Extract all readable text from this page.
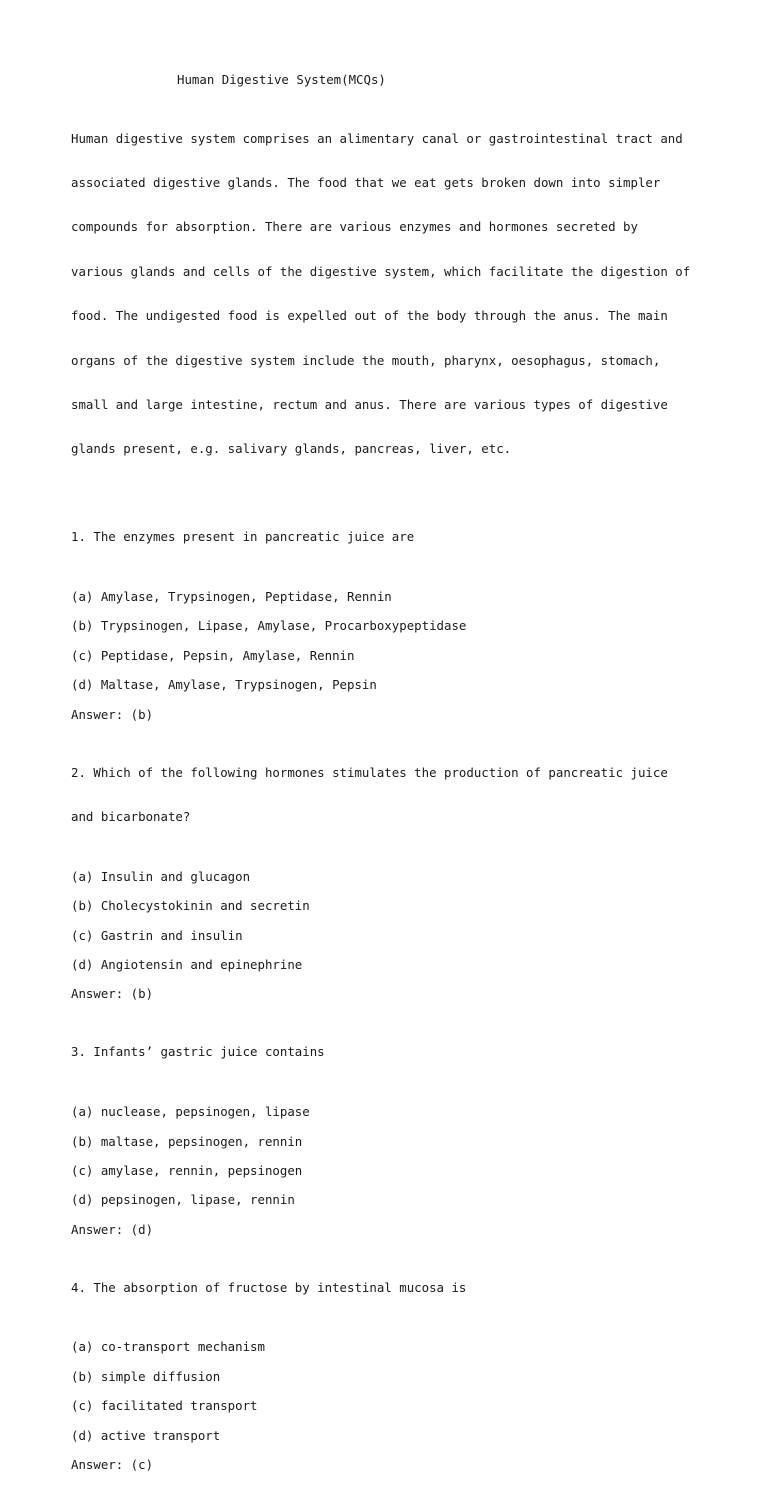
Human Digestive System(MCQs)

Human digestive system comprises an alimentary canal or gastrointestinal tract and

associated digestive glands. The food that we eat gets broken down into simpler

compounds for absorption. There are various enzymes and hormones secreted by

various glands and cells of the digestive system, which facilitate the digestion of

food. The undigested food is expelled out of the body through the anus. The main

organs of the digestive system include the mouth, pharynx, oesophagus, stomach,

small and large intestine, rectum and anus. There are various types of digestive

glands present, e.g. salivary glands, pancreas, liver, etc.

1. The enzymes present in pancreatic juice are

(a) Amylase, Trypsinogen, Peptidase, Rennin
(b) Trypsinogen, Lipase, Amylase, Procarboxypeptidase
(c) Peptidase, Pepsin, Amylase, Rennin
(d) Maltase, Amylase, Trypsinogen, Pepsin
Answer: (b)

2. Which of the following hormones stimulates the production of pancreatic juice

and bicarbonate?

(a) Insulin and glucagon
(b) Cholecystokinin and secretin
(c) Gastrin and insulin
(d) Angiotensin and epinephrine
Answer: (b)

3. Infants’ gastric juice contains

(a) nuclease, pepsinogen, lipase
(b) maltase, pepsinogen, rennin
(c) amylase, rennin, pepsinogen
(d) pepsinogen, lipase, rennin
Answer: (d)

4. The absorption of fructose by intestinal mucosa is

(a) co-transport mechanism
(b) simple diffusion
(c) facilitated transport
(d) active transport
Answer: (c)
